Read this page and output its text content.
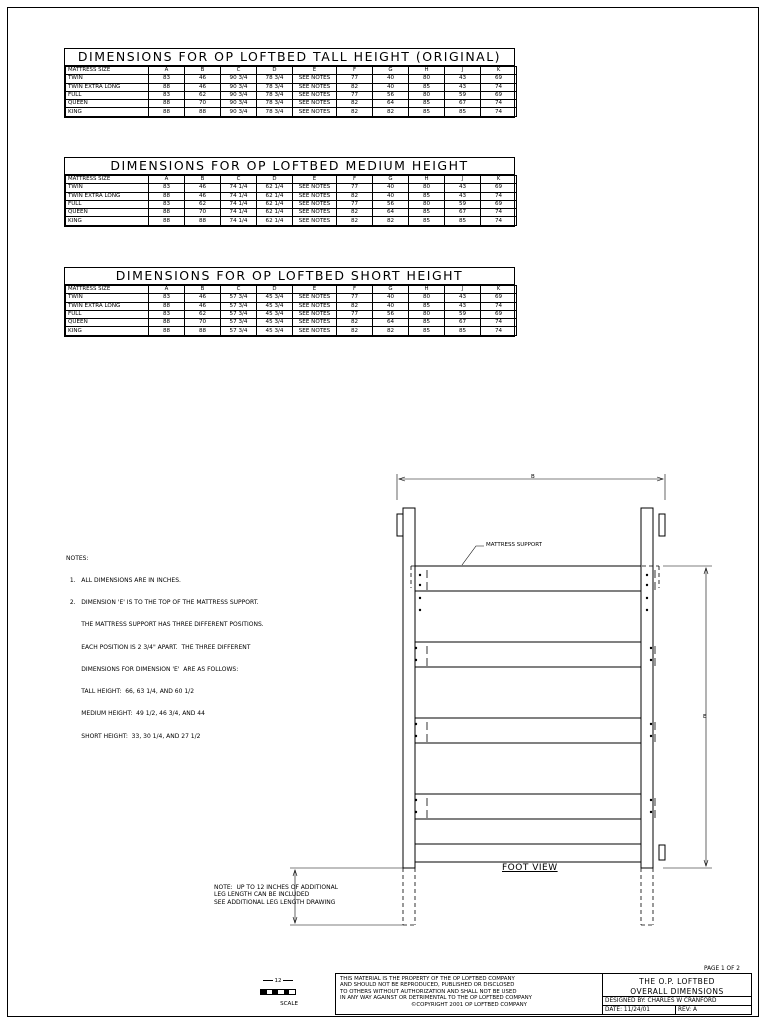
DIMENSIONS FOR OP LOFTBED TALL HEIGHT (ORIGINAL)
MATTRESS SIZE	A	B	C	D	E	F	G	H	J	K
TWIN	83	46	90 3/4	78 3/4	SEE NOTES	77	40	80	43	69
TWIN EXTRA LONG	88	46	90 3/4	78 3/4	SEE NOTES	82	40	85	43	74
FULL	83	62	90 3/4	78 3/4	SEE NOTES	77	56	80	59	69
QUEEN	88	70	90 3/4	78 3/4	SEE NOTES	82	64	85	67	74
KING	88	88	90 3/4	78 3/4	SEE NOTES	82	82	85	85	74
DIMENSIONS FOR OP LOFTBED MEDIUM HEIGHT
MATTRESS SIZE	A	B	C	D	E	F	G	H	J	K
TWIN	83	46	74 1/4	62 1/4	SEE NOTES	77	40	80	43	69
TWIN EXTRA LONG	88	46	74 1/4	62 1/4	SEE NOTES	82	40	85	43	74
FULL	83	62	74 1/4	62 1/4	SEE NOTES	77	56	80	59	69
QUEEN	88	70	74 1/4	62 1/4	SEE NOTES	82	64	85	67	74
KING	88	88	74 1/4	62 1/4	SEE NOTES	82	82	85	85	74
DIMENSIONS FOR OP LOFTBED SHORT HEIGHT
MATTRESS SIZE	A	B	C	D	E	F	G	H	J	K
TWIN	83	46	57 3/4	45 3/4	SEE NOTES	77	40	80	43	69
TWIN EXTRA LONG	88	46	57 3/4	45 3/4	SEE NOTES	82	40	85	43	74
FULL	83	62	57 3/4	45 3/4	SEE NOTES	77	56	80	59	69
QUEEN	88	70	57 3/4	45 3/4	SEE NOTES	82	64	85	67	74
KING	88	88	57 3/4	45 3/4	SEE NOTES	82	82	85	85	74

NOTES:

1.   ALL DIMENSIONS ARE IN INCHES.

2.   DIMENSION 'E' IS TO THE TOP OF THE MATTRESS SUPPORT.

THE MATTRESS SUPPORT HAS THREE DIFFERENT POSITIONS.

EACH POSITION IS 2 3/4" APART.  THE THREE DIFFERENT

DIMENSIONS FOR DIMENSION 'E'  ARE AS FOLLOWS:

TALL HEIGHT:  66, 63 1/4, AND 60 1/2

MEDIUM HEIGHT:  49 1/2, 46 3/4, AND 44

SHORT HEIGHT:  33, 30 1/4, AND 27 1/2

NOTE:  UP TO 12 INCHES OF ADDITIONAL
LEG LENGTH CAN BE INCLUDED
SEE ADDITIONAL LEG LENGTH DRAWING
B
E
MATTRESS SUPPORT
FOOT VIEW
12
SCALE
PAGE 1 OF 2
THIS MATERIAL IS THE PROPERTY OF THE OP LOFTBED COMPANY
AND SHOULD NOT BE REPRODUCED, PUBLISHED OR DISCLOSED
TO OTHERS WITHOUT AUTHORIZATION AND SHALL NOT BE USED
IN ANY WAY AGAINST OR DETRIMENTAL TO THE OP LOFTBED COMPANY
©COPYRIGHT 2001 OP LOFTBED COMPANY
THE O.P. LOFTBED
OVERALL DIMENSIONS
DESIGNED BY: CHARLES W CRANFORD
DATE: 11/24/01	REV: A
